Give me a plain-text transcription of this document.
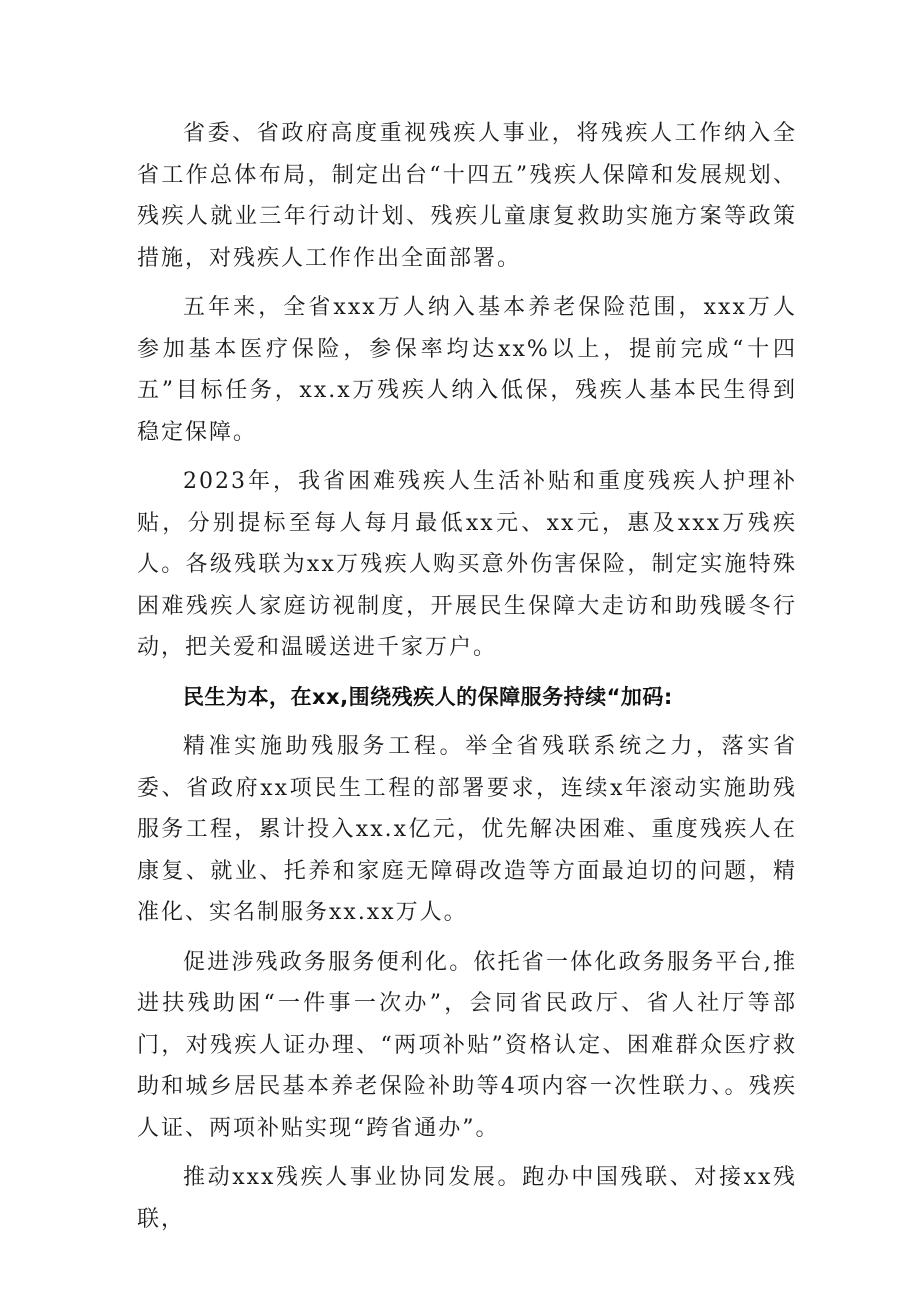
省委、省政府高度重视残疾人事业，将残疾人工作纳入全省工作总体布局，制定出台“十四五”残疾人保障和发展规划、残疾人就业三年行动计划、残疾儿童康复救助实施方案等政策措施，对残疾人工作作出全面部署。

五年来，全省xxx万人纳入基本养老保险范围，xxx万人参加基本医疗保险，参保率均达xx%以上，提前完成“十四五”目标任务，xx.x万残疾人纳入低保，残疾人基本民生得到稳定保障。

2023年，我省困难残疾人生活补贴和重度残疾人护理补贴，分别提标至每人每月最低xx元、xx元，惠及xxx万残疾人。各级残联为xx万残疾人购买意外伤害保险，制定实施特殊困难残疾人家庭访视制度，开展民生保障大走访和助残暖冬行动，把关爱和温暖送进千家万户。

民生为本，在xx,围绕残疾人的保障服务持续“加码:

精准实施助残服务工程。举全省残联系统之力，落实省委、省政府xx项民生工程的部署要求，连续x年滚动实施助残服务工程，累计投入xx.x亿元，优先解决困难、重度残疾人在康复、就业、托养和家庭无障碍改造等方面最迫切的问题，精准化、实名制服务xx.xx万人。

促进涉残政务服务便利化。依托省一体化政务服务平台,推进扶残助困“一件事一次办”，会同省民政厅、省人社厅等部门，对残疾人证办理、“两项补贴”资格认定、困难群众医疗救助和城乡居民基本养老保险补助等4项内容一次性联力、。残疾人证、两项补贴实现“跨省通办”。

推动xxx残疾人事业协同发展。跑办中国残联、对接xx残联，
